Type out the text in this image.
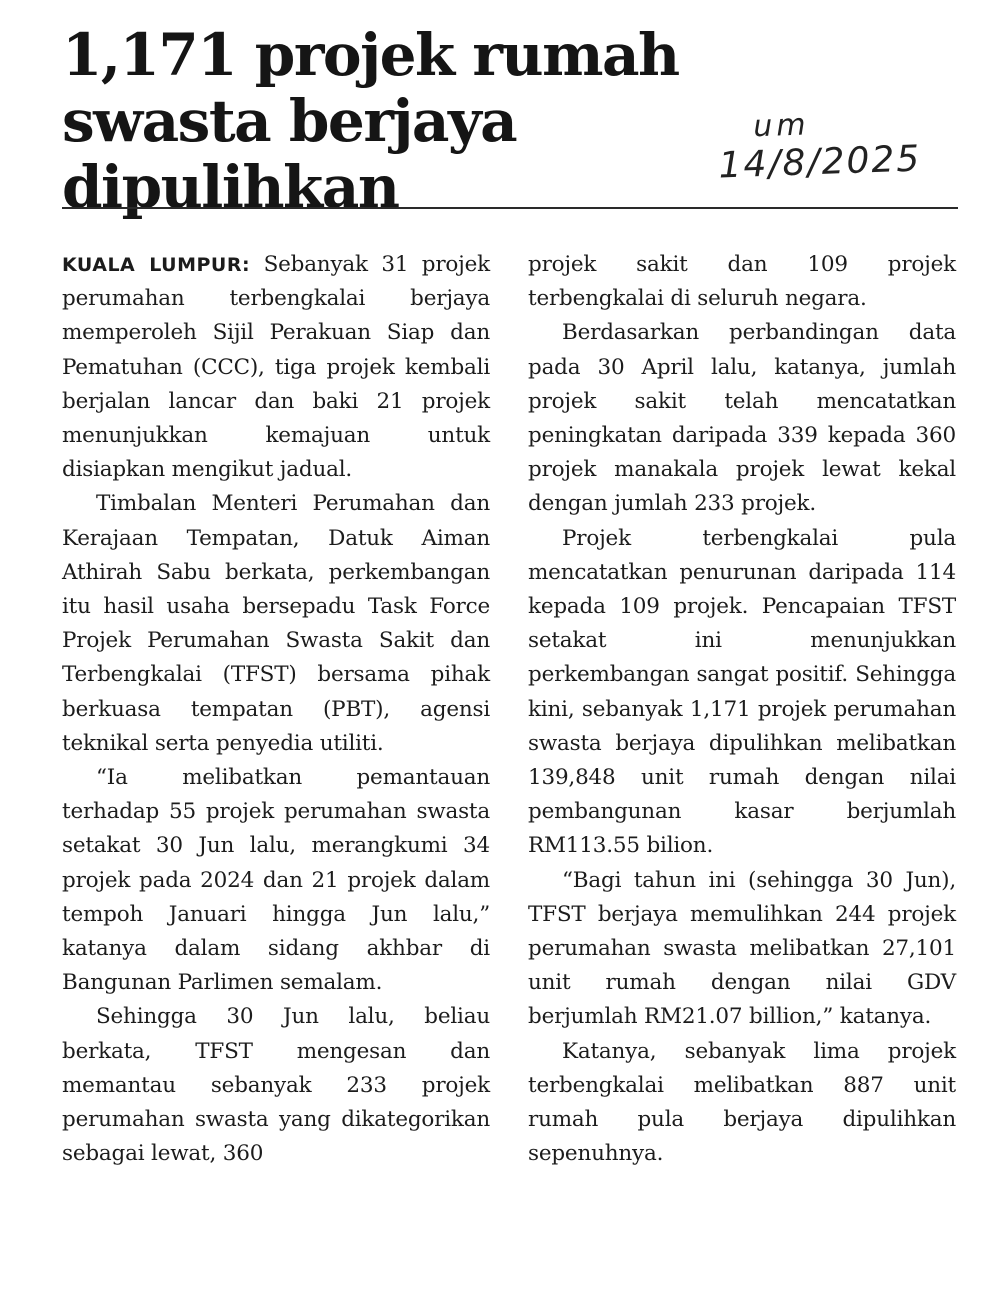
1,171 projek rumah swasta berjaya dipulihkan
um
14/8/2025

KUALA LUMPUR: Sebanyak 31 projek perumahan terbengkalai berjaya memperoleh Sijil Perakuan Siap dan Pematuhan (CCC), tiga projek kembali berjalan lancar dan baki 21 projek menunjukkan kemajuan untuk disiapkan mengikut jadual.

Timbalan Menteri Perumahan dan Kerajaan Tempatan, Datuk Aiman Athirah Sabu berkata, perkembangan itu hasil usaha bersepadu Task Force Projek Perumahan Swasta Sakit dan Terbengkalai (TFST) bersama pihak berkuasa tempatan (PBT), agensi teknikal serta penyedia utiliti.

“Ia melibatkan pemantauan terhadap 55 projek perumahan swasta setakat 30 Jun lalu, merangkumi 34 projek pada 2024 dan 21 projek dalam tempoh Januari hingga Jun lalu,” katanya dalam sidang akhbar di Bangunan Parlimen semalam.

Sehingga 30 Jun lalu, beliau berkata, TFST mengesan dan memantau sebanyak 233 projek perumahan swasta yang dikategorikan sebagai lewat, 360

projek sakit dan 109 projek terbengkalai di seluruh negara.

Berdasarkan perbandingan data pada 30 April lalu, katanya, jumlah projek sakit telah mencatatkan peningkatan daripada 339 kepada 360 projek manakala projek lewat kekal dengan jumlah 233 projek.

Projek terbengkalai pula mencatatkan penurunan daripada 114 kepada 109 projek. Pencapaian TFST setakat ini menunjukkan perkembangan sangat positif. Sehingga kini, sebanyak 1,171 projek perumahan swasta berjaya dipulihkan melibatkan 139,848 unit rumah dengan nilai pembangunan kasar berjumlah RM113.55 bilion.

“Bagi tahun ini (sehingga 30 Jun), TFST berjaya memulihkan 244 projek perumahan swasta melibatkan 27,101 unit rumah dengan nilai GDV berjumlah RM21.07 billion,” katanya.

Katanya, sebanyak lima projek terbengkalai melibatkan 887 unit rumah pula berjaya dipulihkan sepenuhnya.
